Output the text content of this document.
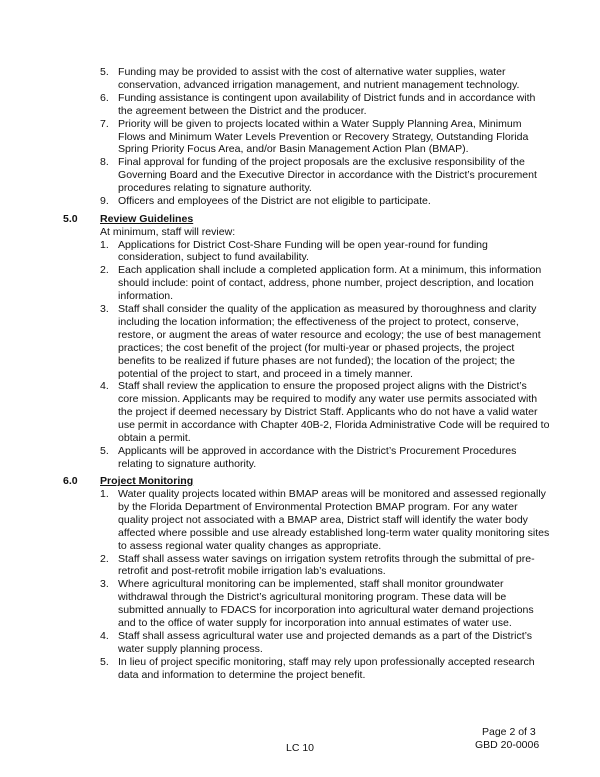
5. Funding may be provided to assist with the cost of alternative water supplies, water conservation, advanced irrigation management, and nutrient management technology.
6. Funding assistance is contingent upon availability of District funds and in accordance with the agreement between the District and the producer.
7. Priority will be given to projects located within a Water Supply Planning Area, Minimum Flows and Minimum Water Levels Prevention or Recovery Strategy, Outstanding Florida Spring Priority Focus Area, and/or Basin Management Action Plan (BMAP).
8. Final approval for funding of the project proposals are the exclusive responsibility of the Governing Board and the Executive Director in accordance with the District’s procurement procedures relating to signature authority.
9. Officers and employees of the District are not eligible to participate.
5.0 Review Guidelines
At minimum, staff will review:
1. Applications for District Cost-Share Funding will be open year-round for funding consideration, subject to fund availability.
2. Each application shall include a completed application form. At a minimum, this information should include: point of contact, address, phone number, project description, and location information.
3. Staff shall consider the quality of the application as measured by thoroughness and clarity including the location information; the effectiveness of the project to protect, conserve, restore, or augment the areas of water resource and ecology; the use of best management practices; the cost benefit of the project (for multi-year or phased projects, the project benefits to be realized if future phases are not funded); the location of the project; the potential of the project to start, and proceed in a timely manner.
4. Staff shall review the application to ensure the proposed project aligns with the District’s core mission. Applicants may be required to modify any water use permits associated with the project if deemed necessary by District Staff. Applicants who do not have a valid water use permit in accordance with Chapter 40B-2, Florida Administrative Code will be required to obtain a permit.
5. Applicants will be approved in accordance with the District’s Procurement Procedures relating to signature authority.
6.0 Project Monitoring
1. Water quality projects located within BMAP areas will be monitored and assessed regionally by the Florida Department of Environmental Protection BMAP program. For any water quality project not associated with a BMAP area, District staff will identify the water body affected where possible and use already established long-term water quality monitoring sites to assess regional water quality changes as appropriate.
2. Staff shall assess water savings on irrigation system retrofits through the submittal of pre-retrofit and post-retrofit mobile irrigation lab’s evaluations.
3. Where agricultural monitoring can be implemented, staff shall monitor groundwater withdrawal through the District’s agricultural monitoring program. These data will be submitted annually to FDACS for incorporation into agricultural water demand projections and to the office of water supply for incorporation into annual estimates of water use.
4. Staff shall assess agricultural water use and projected demands as a part of the District’s water supply planning process.
5. In lieu of project specific monitoring, staff may rely upon professionally accepted research data and information to determine the project benefit.
LC 10
Page 2 of 3
GBD 20-0006
